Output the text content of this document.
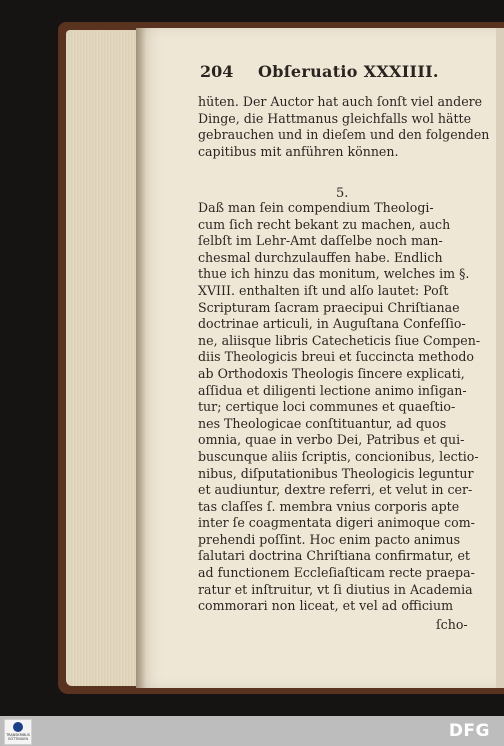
204 Obſeruatio XXXIIII.
hüten. Der Auctor hat auch ſonſt viel andere
Dinge, die Hattmanus gleichfalls wol hätte
gebrauchen und in dieſem und den folgenden
capitibus mit anführen können.
5.
Daß man ſein compendium Theologi-
cum ſich recht bekant zu machen, auch
ſelbſt im Lehr-Amt daſſelbe noch man-
chesmal durchzulauffen habe. Endlich
thue ich hinzu das monitum, welches im §.
XVIII. enthalten iſt und alſo lautet: Poſt
Scripturam ſacram praecipui Chriſtianae
doctrinae articuli, in Auguſtana Confeſſio-
ne, aliisque libris Catecheticis ſiue Compen-
diis Theologicis breui et ſuccincta methodo
ab Orthodoxis Theologis ſincere explicati,
aſſidua et diligenti lectione animo inſigan-
tur; certique loci communes et quaeſtio-
nes Theologicae conſtituantur, ad quos
omnia, quae in verbo Dei, Patribus et qui-
buscunque aliis ſcriptis, concionibus, lectio-
nibus, diſputationibus Theologicis leguntur
et audiuntur, dextre referri, et velut in cer-
tas claſſes ſ. membra vnius corporis apte
inter ſe coagmentata digeri animoque com-
prehendi poſſint. Hoc enim pacto animus
ſalutari doctrina Chriſtiana confirmatur, et
ad functionem Eccleſiaſticam recte praepa-
ratur et inſtruitur, vt ſi diutius in Academia
commorari non liceat, et vel ad officium
ſcho-
TRANSKRIBUS GÖTTINGEN	DFG
